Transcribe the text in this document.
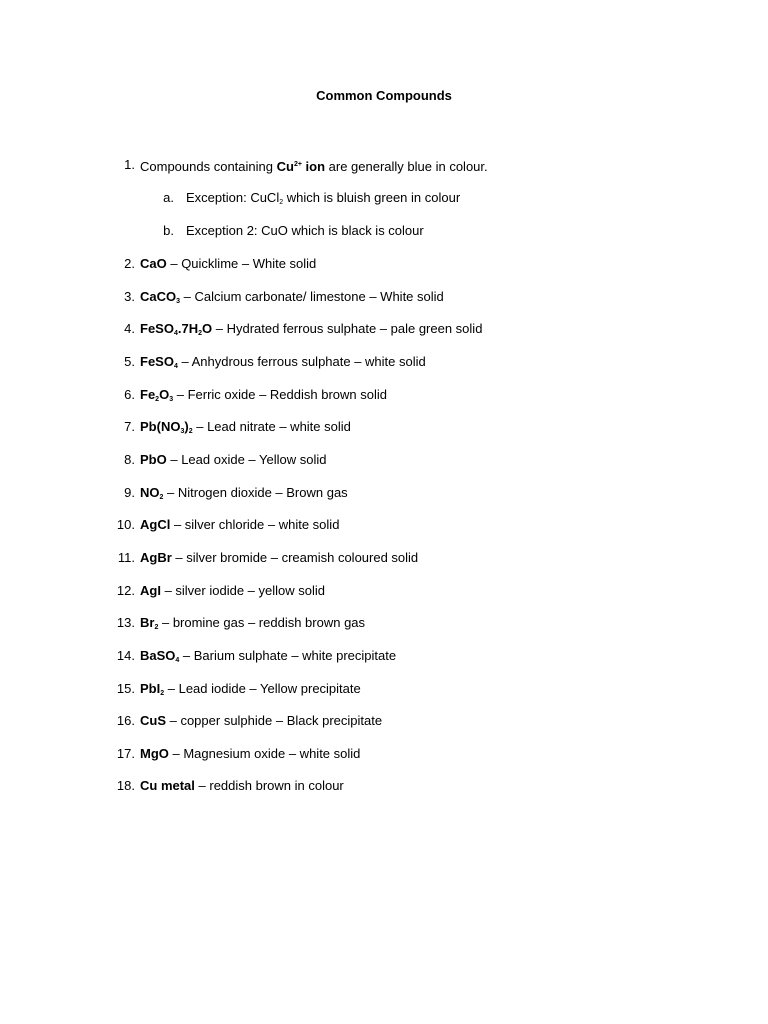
Common Compounds
1. Compounds containing $Cu^{2+}$ ion are generally blue in colour.
a. Exception: CuCl$_2$ which is bluish green in colour
b. Exception 2: CuO which is black is colour
2. CaO – Quicklime – White solid
3. CaCO$_3$ – Calcium carbonate/ limestone – White solid
4. $FeSO_4.7H_2O$ – Hydrated ferrous sulphate – pale green solid
5. FeSO$_4$ – Anhydrous ferrous sulphate – white solid
6. $Fe_2O_3$ – Ferric oxide – Reddish brown solid
7. $Pb(NO_3)_2$ – Lead nitrate – white solid
8. PbO – Lead oxide – Yellow solid
9. $NO_2$ – Nitrogen dioxide – Brown gas
10. AgCl – silver chloride – white solid
11. AgBr – silver bromide – creamish coloured solid
12. AgI – silver iodide – yellow solid
13. $Br_2$ – bromine gas – reddish brown gas
14. BaSO$_4$ – Barium sulphate – white precipitate
15. PbI$_2$ – Lead iodide – Yellow precipitate
16. CuS – copper sulphide – Black precipitate
17. MgO – Magnesium oxide – white solid
18. Cu metal – reddish brown in colour
